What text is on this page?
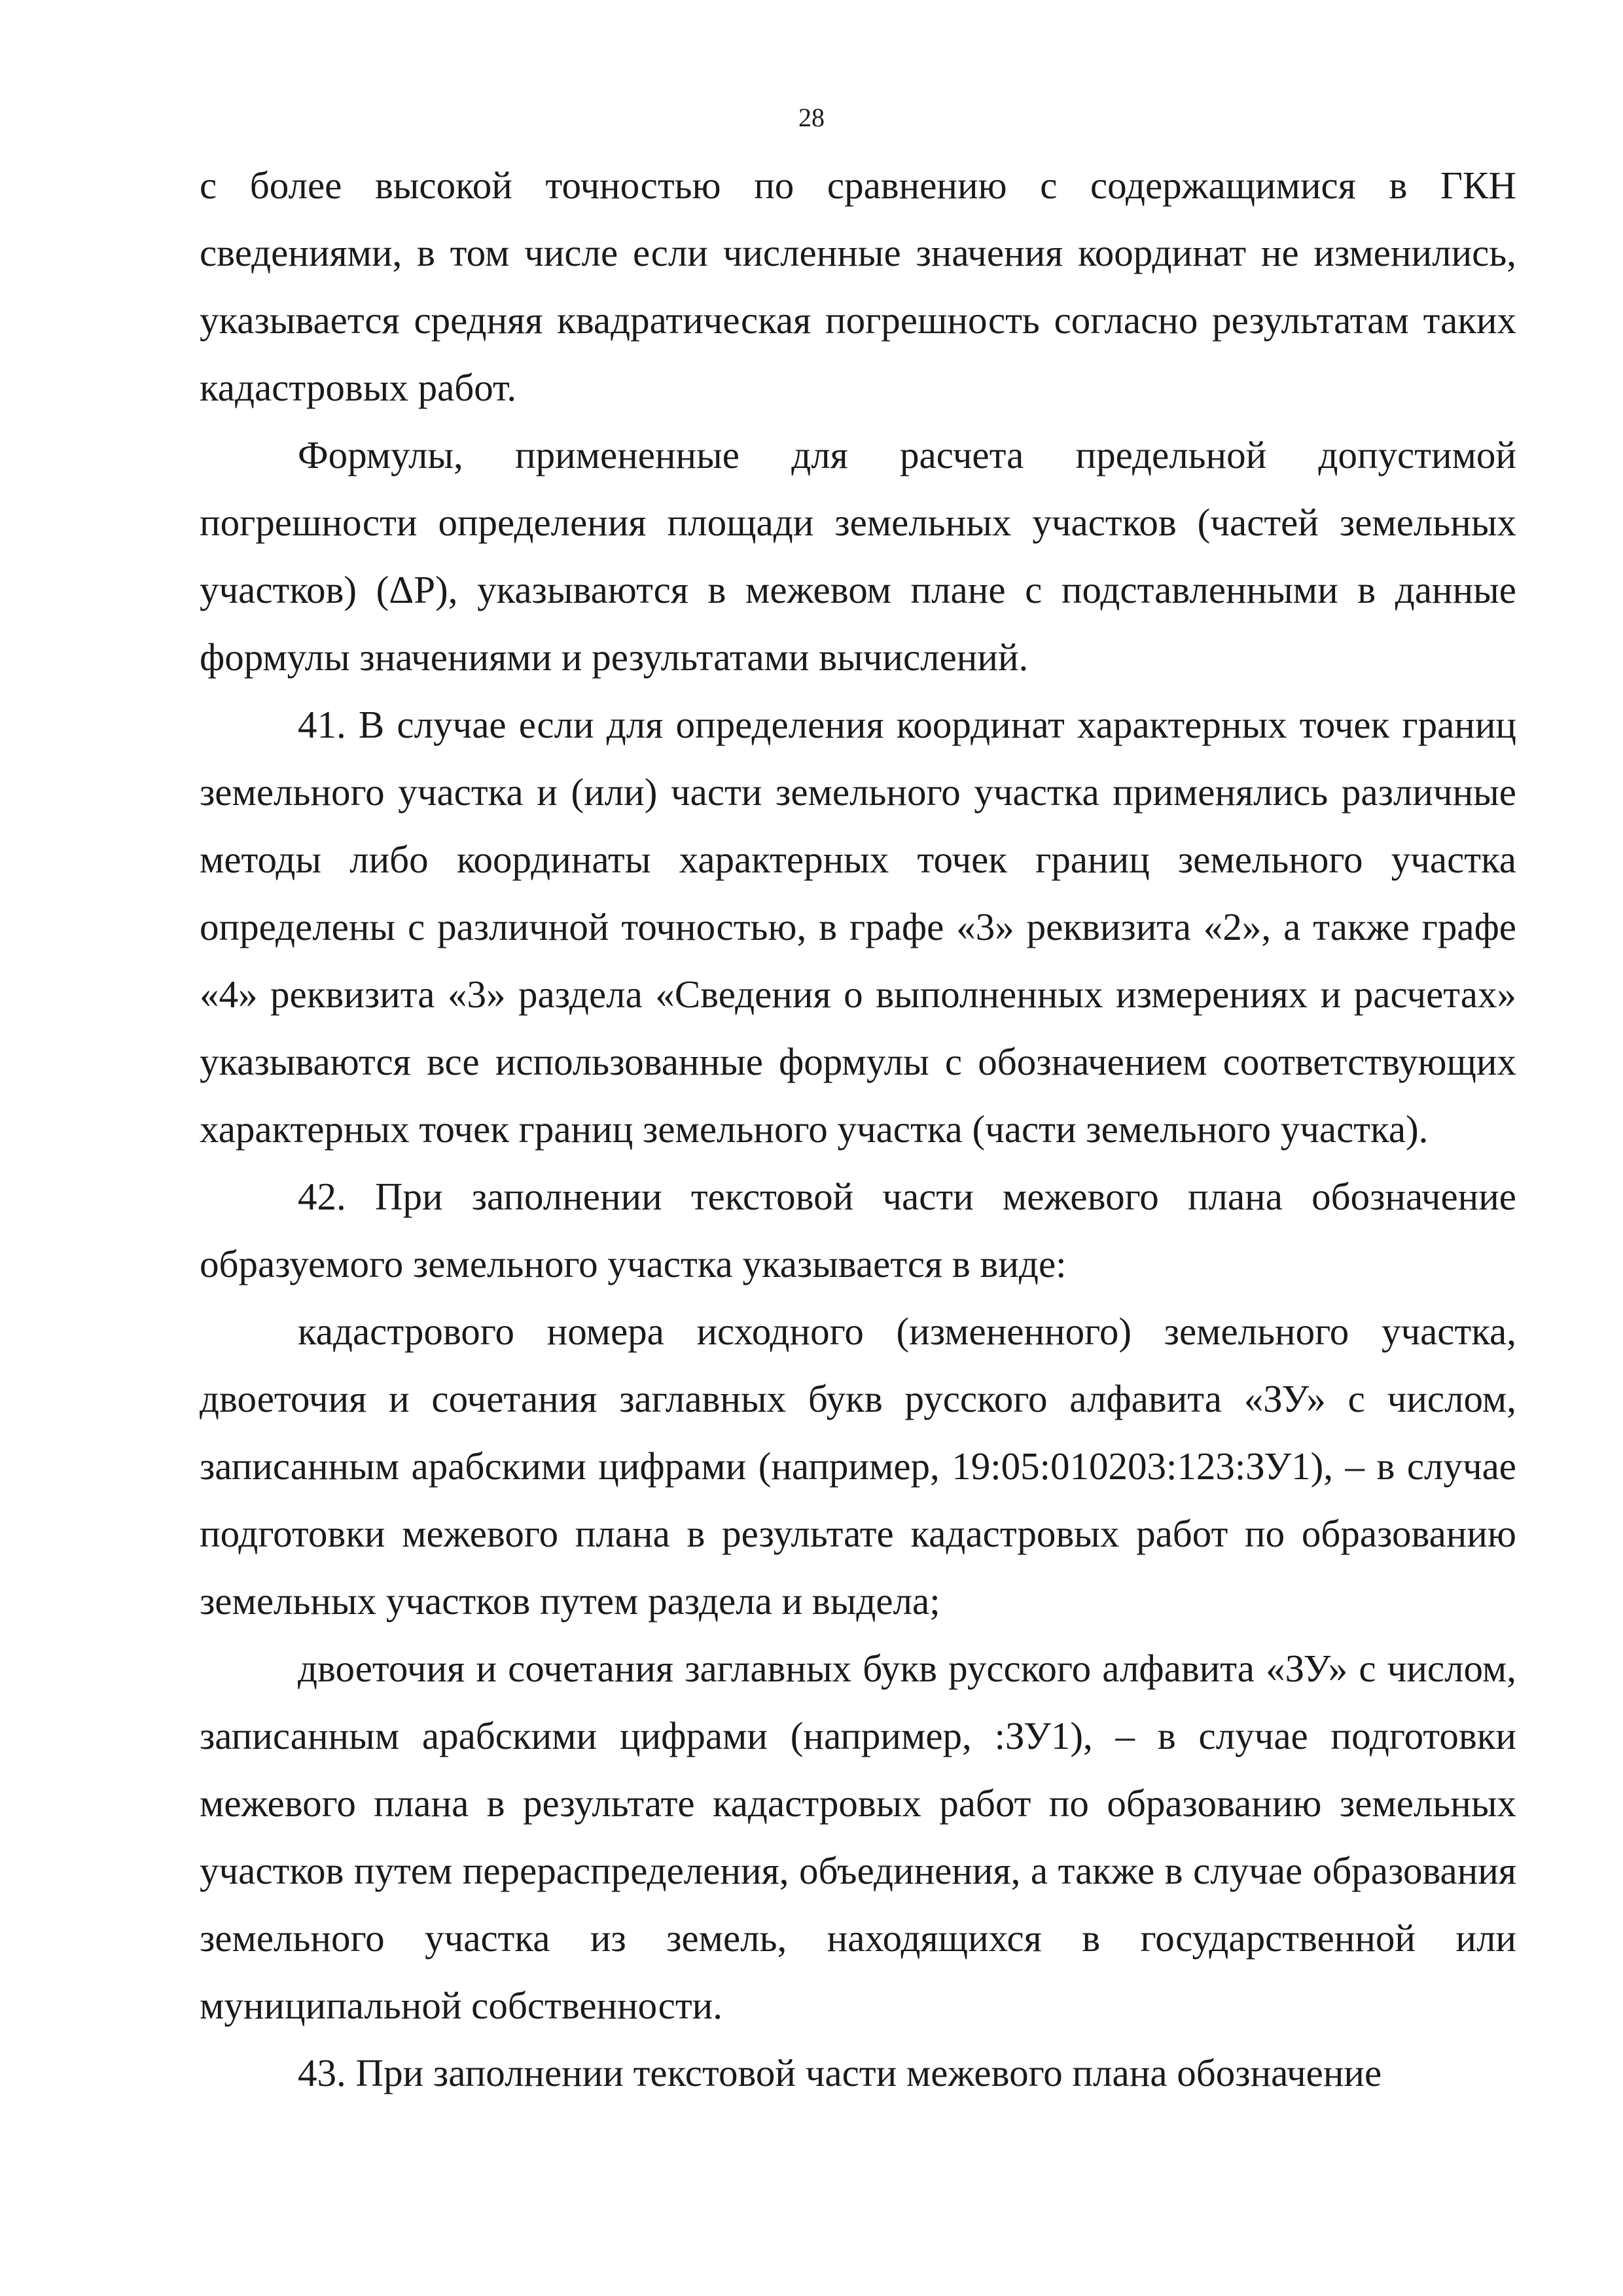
28

с более высокой точностью по сравнению с содержащимися в ГКН сведениями, в том числе если численные значения координат не изменились, указывается средняя квадратическая погрешность согласно результатам таких кадастровых работ.

Формулы, примененные для расчета предельной допустимой погрешности определения площади земельных участков (частей земельных участков) (ΔР), указываются в межевом плане с подставленными в данные формулы значениями и результатами вычислений.

41. В случае если для определения координат характерных точек границ земельного участка и (или) части земельного участка применялись различные методы либо координаты характерных точек границ земельного участка определены с различной точностью, в графе «3» реквизита «2», а также графе «4» реквизита «3» раздела «Сведения о выполненных измерениях и расчетах» указываются все использованные формулы с обозначением соответствующих характерных точек границ земельного участка (части земельного участка).

42. При заполнении текстовой части межевого плана обозначение образуемого земельного участка указывается в виде:

кадастрового номера исходного (измененного) земельного участка, двоеточия и сочетания заглавных букв русского алфавита «ЗУ» с числом, записанным арабскими цифрами (например, 19:05:010203:123:ЗУ1), – в случае подготовки межевого плана в результате кадастровых работ по образованию земельных участков путем раздела и выдела;

двоеточия и сочетания заглавных букв русского алфавита «ЗУ» с числом, записанным арабскими цифрами (например, :ЗУ1), – в случае подготовки межевого плана в результате кадастровых работ по образованию земельных участков путем перераспределения, объединения, а также в случае образования земельного участка из земель, находящихся в государственной или муниципальной собственности.

43. При заполнении текстовой части межевого плана обозначение
